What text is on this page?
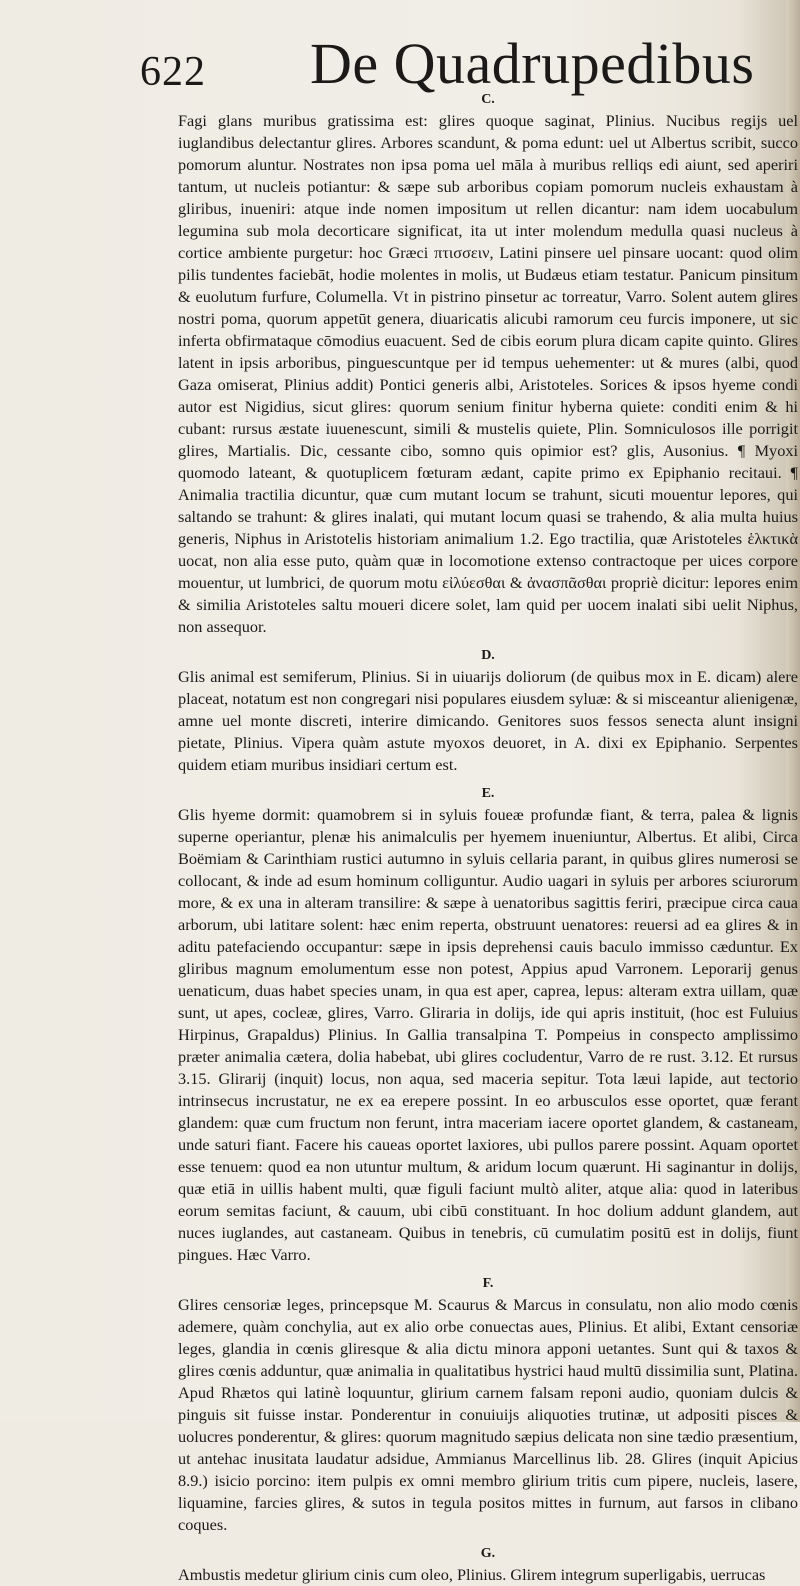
622 De Quadrupedibus

C.

Fagi glans muribus gratissima est: glires quoque saginat, Plinius. Nucibus regijs uel iuglandibus delectantur glires. Arbores scandunt, & poma edunt: uel ut Albertus scribit, succo pomorum aluntur. Nostrates non ipsa poma uel māla à muribus relliqs edi aiunt, sed aperiri tantum, ut nucleis potiantur: & sæpe sub arboribus copiam pomorum nucleis exhaustam à gliribus, inueniri: atque inde nomen impositum ut rellen dicantur: nam idem uocabulum legumina sub mola decorticare significat, ita ut inter molendum medulla quasi nucleus à cortice ambiente purgetur: hoc Græci πτισσειν, Latini pinsere uel pinsare uocant: quod olim pilis tundentes faciebāt, hodie molentes in molis, ut Budæus etiam testatur. Panicum pinsitum & euolutum furfure, Columella. Vt in pistrino pinsetur ac torreatur, Varro. Solent autem glires nostri poma, quorum appetūt genera, diuaricatis alicubi ramorum ceu furcis imponere, ut sic inferta obfirmataque cōmodius euacuent. Sed de cibis eorum plura dicam capite quinto. Glires latent in ipsis arboribus, pinguescuntque per id tempus uehementer: ut & mures (albi, quod Gaza omiserat, Plinius addit) Pontici generis albi, Aristoteles. Sorices & ipsos hyeme condi autor est Nigidius, sicut glires: quorum senium finitur hyberna quiete: conditi enim & hi cubant: rursus æstate iuuenescunt, simili & mustelis quiete, Plin. Somniculosos ille porrigit glires, Martialis. Dic, cessante cibo, somno quis opimior est? glis, Ausonius. ¶ Myoxi quomodo lateant, & quotuplicem fœturam ædant, capite primo ex Epiphanio recitaui. ¶ Animalia tractilia dicuntur, quæ cum mutant locum se trahunt, sicuti mouentur lepores, qui saltando se trahunt: & glires inalati, qui mutant locum quasi se trahendo, & alia multa huius generis, Niphus in Aristotelis historiam animalium 1.2. Ego tractilia, quæ Aristoteles ἑλκτικὰ uocat, non alia esse puto, quàm quæ in locomotione extenso contractoque per uices corpore mouentur, ut lumbrici, de quorum motu εἰλύεσθαι & ἀνασπᾶσθαι propriè dicitur: lepores enim & similia Aristoteles saltu moueri dicere solet, lam quid per uocem inalati sibi uelit Niphus, non assequor.

D.

Glis animal est semiferum, Plinius. Si in uiuarijs doliorum (de quibus mox in E. dicam) alere placeat, notatum est non congregari nisi populares eiusdem syluæ: & si misceantur alienigenæ, amne uel monte discreti, interire dimicando. Genitores suos fessos senecta alunt insigni pietate, Plinius. Vipera quàm astute myoxos deuoret, in A. dixi ex Epiphanio. Serpentes quidem etiam muribus insidiari certum est.

E.

Glis hyeme dormit: quamobrem si in syluis foueæ profundæ fiant, & terra, palea & lignis superne operiantur, plenæ his animalculis per hyemem inueniuntur, Albertus. Et alibi, Circa Boëmiam & Carinthiam rustici autumno in syluis cellaria parant, in quibus glires numerosi se collocant, & inde ad esum hominum colliguntur. Audio uagari in syluis per arbores sciurorum more, & ex una in alteram transilire: & sæpe à uenatoribus sagittis feriri, præcipue circa caua arborum, ubi latitare solent: hæc enim reperta, obstruunt uenatores: reuersi ad ea glires & in aditu patefaciendo occupantur: sæpe in ipsis deprehensi cauis baculo immisso cæduntur. Ex gliribus magnum emolumentum esse non potest, Appius apud Varronem. Leporarij genus uenaticum, duas habet species unam, in qua est aper, caprea, lepus: alteram extra uillam, quæ sunt, ut apes, cocleæ, glires, Varro. Gliraria in dolijs, ide qui apris instituit, (hoc est Fuluius Hirpinus, Grapaldus) Plinius. In Gallia transalpina T. Pompeius in conspecto amplissimo præter animalia cætera, dolia habebat, ubi glires cocludentur, Varro de re rust. 3.12. Et rursus 3.15. Glirarij (inquit) locus, non aqua, sed maceria sepitur. Tota læui lapide, aut tectorio intrinsecus incrustatur, ne ex ea erepere possint. In eo arbusculos esse oportet, quæ ferant glandem: quæ cum fructum non ferunt, intra maceriam iacere oportet glandem, & castaneam, unde saturi fiant. Facere his caueas oportet laxiores, ubi pullos parere possint. Aquam oportet esse tenuem: quod ea non utuntur multum, & aridum locum quærunt. Hi saginantur in dolijs, quæ etiā in uillis habent multi, quæ figuli faciunt multò aliter, atque alia: quod in lateribus eorum semitas faciunt, & cauum, ubi cibū constituant. In hoc dolium addunt glandem, aut nuces iuglandes, aut castaneam. Quibus in tenebris, cū cumulatim positū est in dolijs, fiunt pingues. Hæc Varro.

F.

Glires censoriæ leges, princepsque M. Scaurus & Marcus in consulatu, non alio modo cœnis ademere, quàm conchylia, aut ex alio orbe conuectas aues, Plinius. Et alibi, Extant censoriæ leges, glandia in cœnis gliresque & alia dictu minora apponi uetantes. Sunt qui & taxos & glires cœnis adduntur, quæ animalia in qualitatibus hystrici haud multū dissimilia sunt, Platina. Apud Rhætos qui latinè loquuntur, glirium carnem falsam reponi audio, quoniam dulcis & pinguis sit fuisse instar. Ponderentur in conuiuijs aliquoties trutinæ, ut adpositi pisces & uolucres ponderentur, & glires: quorum magnitudo sæpius delicata non sine tædio præsentium, ut antehac inusitata laudatur adsidue, Ammianus Marcellinus lib. 28. Glires (inquit Apicius 8.9.) isicio porcino: item pulpis ex omni membro glirium tritis cum pipere, nucleis, lasere, liquamine, farcies glires, & sutos in tegula positos mittes in furnum, aut farsos in clibano coques.

G.

Ambustis medetur glirium cinis cum oleo, Plinius. Glirem integrum superligabis, uerrucas
